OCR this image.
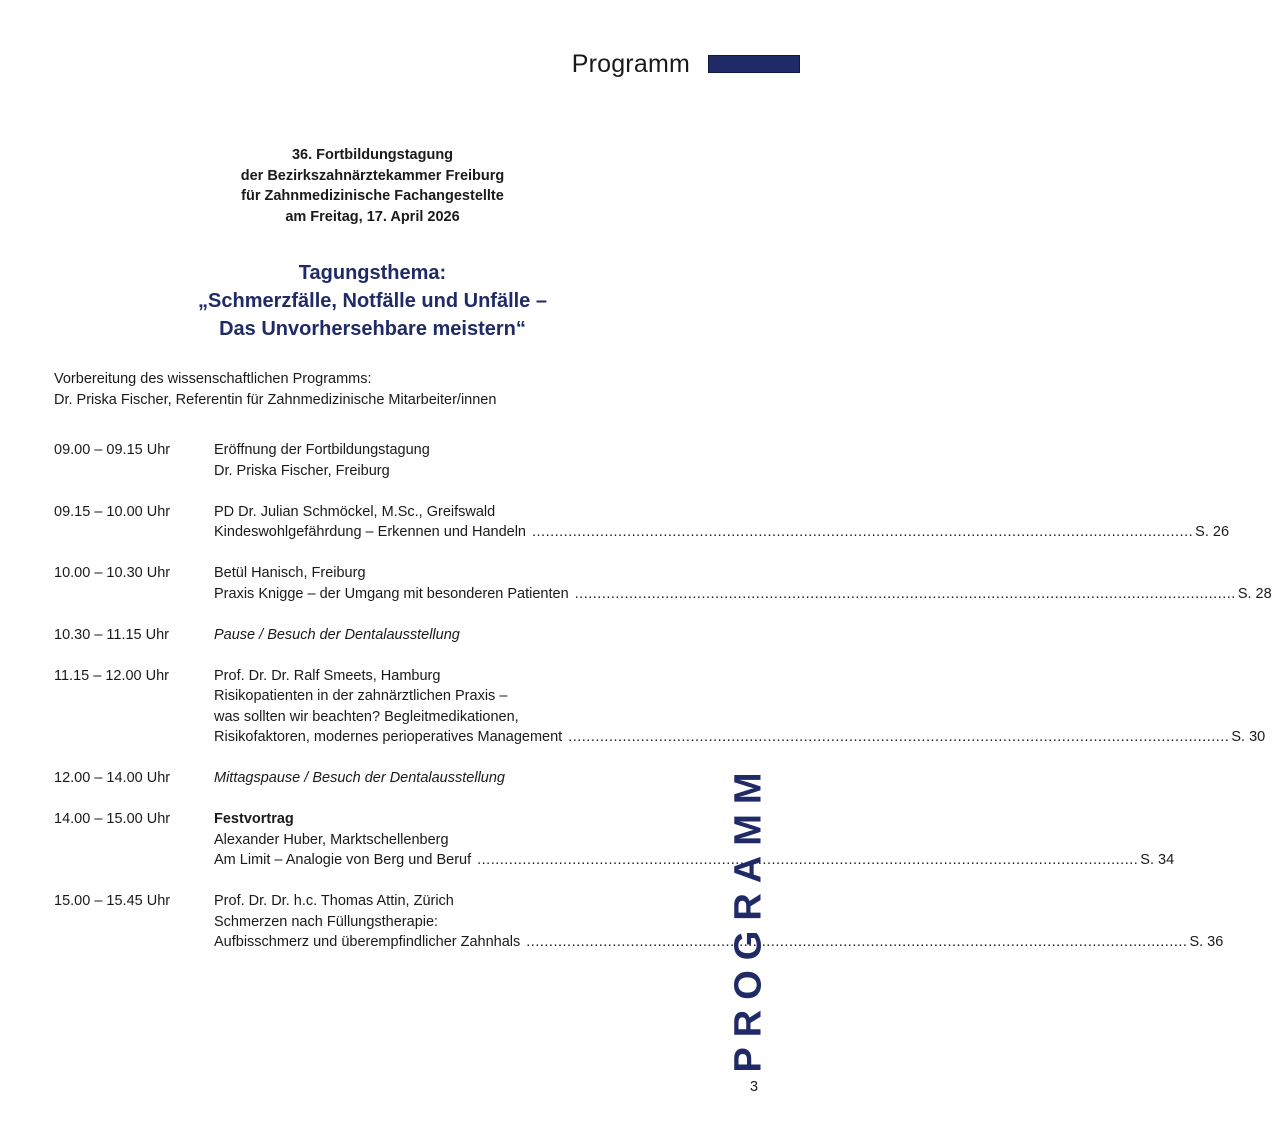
Programm
36. Fortbildungstagung
der Bezirkszahnärztekammer Freiburg
für Zahnmedizinische Fachangestellte
am Freitag, 17. April 2026
Tagungsthema:
„Schmerzfälle, Notfälle und Unfälle –
Das Unvorhersehbare meistern“
Vorbereitung des wissenschaftlichen Programms:
Dr. Priska Fischer, Referentin für Zahnmedizinische Mitarbeiter/innen
09.00 – 09.15 Uhr	Eröffnung der Fortbildungstagung
Dr. Priska Fischer, Freiburg
09.15 – 10.00 Uhr	PD Dr. Julian Schmöckel, M.Sc., Greifswald
Kindeswohlgefährdung – Erkennen und Handeln .....	S. 26
10.00 – 10.30 Uhr	Betül Hanisch, Freiburg
Praxis Knigge – der Umgang mit besonderen Patienten .....	S. 28
10.30 – 11.15 Uhr	Pause / Besuch der Dentalausstellung
11.15 – 12.00 Uhr	Prof. Dr. Dr. Ralf Smeets, Hamburg
Risikopatienten in der zahnärztlichen Praxis –
was sollten wir beachten? Begleitmedikationen,
Risikofaktoren, modernes perioperatives Management .....	S. 30
12.00 – 14.00 Uhr	Mittagspause / Besuch der Dentalausstellung
14.00 – 15.00 Uhr	Festvortrag
Alexander Huber, Marktschellenberg
Am Limit – Analogie von Berg und Beruf .....	S. 34
15.00 – 15.45 Uhr	Prof. Dr. Dr. h.c. Thomas Attin, Zürich
Schmerzen nach Füllungstherapie:
Aufbisschmerz und überempfindlicher Zahnhals .....	S. 36
PROGRAMM
3
